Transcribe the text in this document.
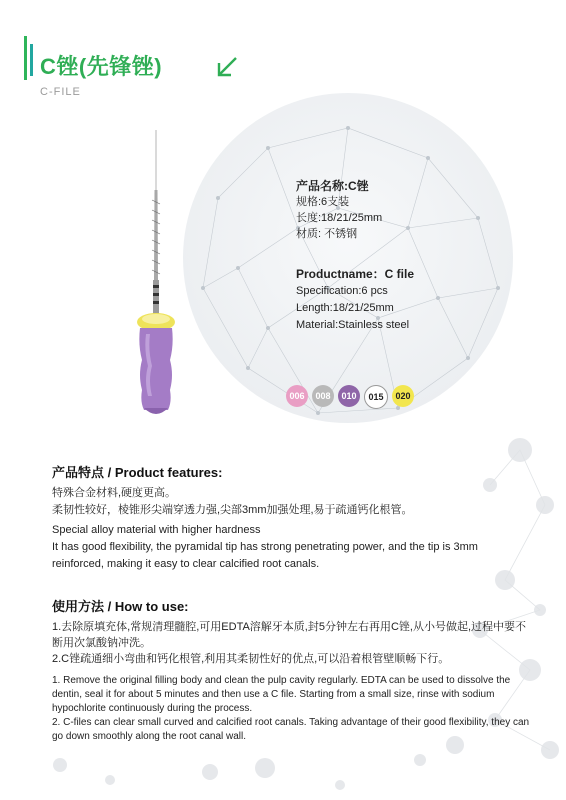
C锉(先锋锉)
C-FILE
产品名称:C锉
规格:6支装
长度:18/21/25mm
材质: 不锈钢
Productname：C file
Specification:6 pcs
Length:18/21/25mm
Material:Stainless steel
006	008	010	015	020
产品特点 / Product features:

特殊合金材料,硬度更高。

柔韧性较好，棱锥形尖端穿透力强,尖部3mm加强处理,易于疏通钙化根管。

Special alloy material with higher hardness

It has good flexibility, the pyramidal tip has strong penetrating power, and the tip is 3mm reinforced, making it easy to clear calcified root canals.

使用方法 / How to use:

1.去除原填充体,常规清理髓腔,可用EDTA溶解牙本质,封5分钟左右再用C锉,从小号做起,过程中要不断用次氯酸钠冲洗。

2.C锉疏通细小弯曲和钙化根管,利用其柔韧性好的优点,可以沿着根管壁顺畅下行。

1. Remove the original filling body and clean the pulp cavity regularly. EDTA can be used to dissolve the dentin, seal it for about 5 minutes and then use a C file. Starting from a small size, rinse with sodium hypochlorite continuously during the process.

2. C-files can clear small curved and calcified root canals. Taking advantage of their good flexibility, they can go down smoothly along the root canal wall.
